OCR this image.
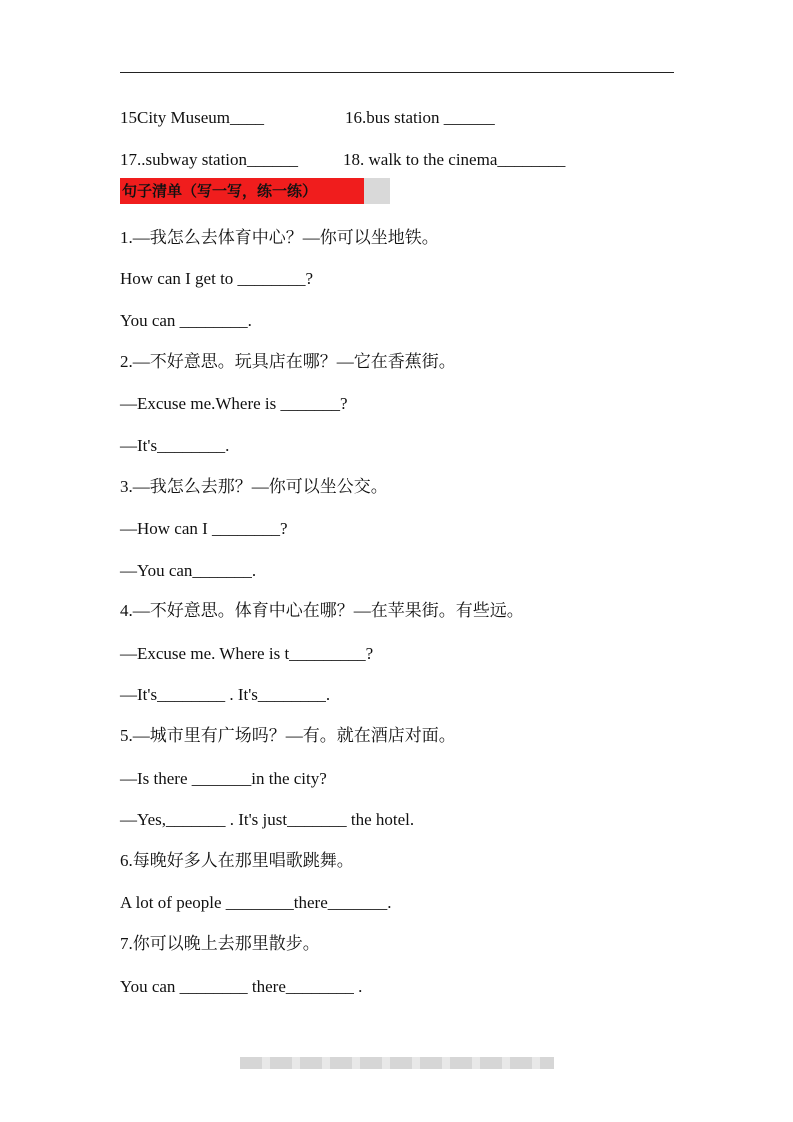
15City Museum____	16.bus station ______
17..subway station______	18. walk to the cinema________
句子清单（写一写，练一练）
1.—我怎么去体育中心？—你可以坐地铁。
How can I get to ________?
You can ________.
2.—不好意思。玩具店在哪？—它在香蕉街。
—Excuse me.Where is _______?
—It's________.
3.—我怎么去那？—你可以坐公交。
—How can I ________?
—You can_______.
4.—不好意思。体育中心在哪？—在苹果街。有些远。
—Excuse me. Where is t_________?
—It's________ . It's________.
5.—城市里有广场吗？—有。就在酒店对面。
—Is there _______in the city?
—Yes,_______ . It's just_______ the hotel.
6.每晚好多人在那里唱歌跳舞。
A lot of people ________there_______.
7.你可以晚上去那里散步。
You can ________ there________ .
